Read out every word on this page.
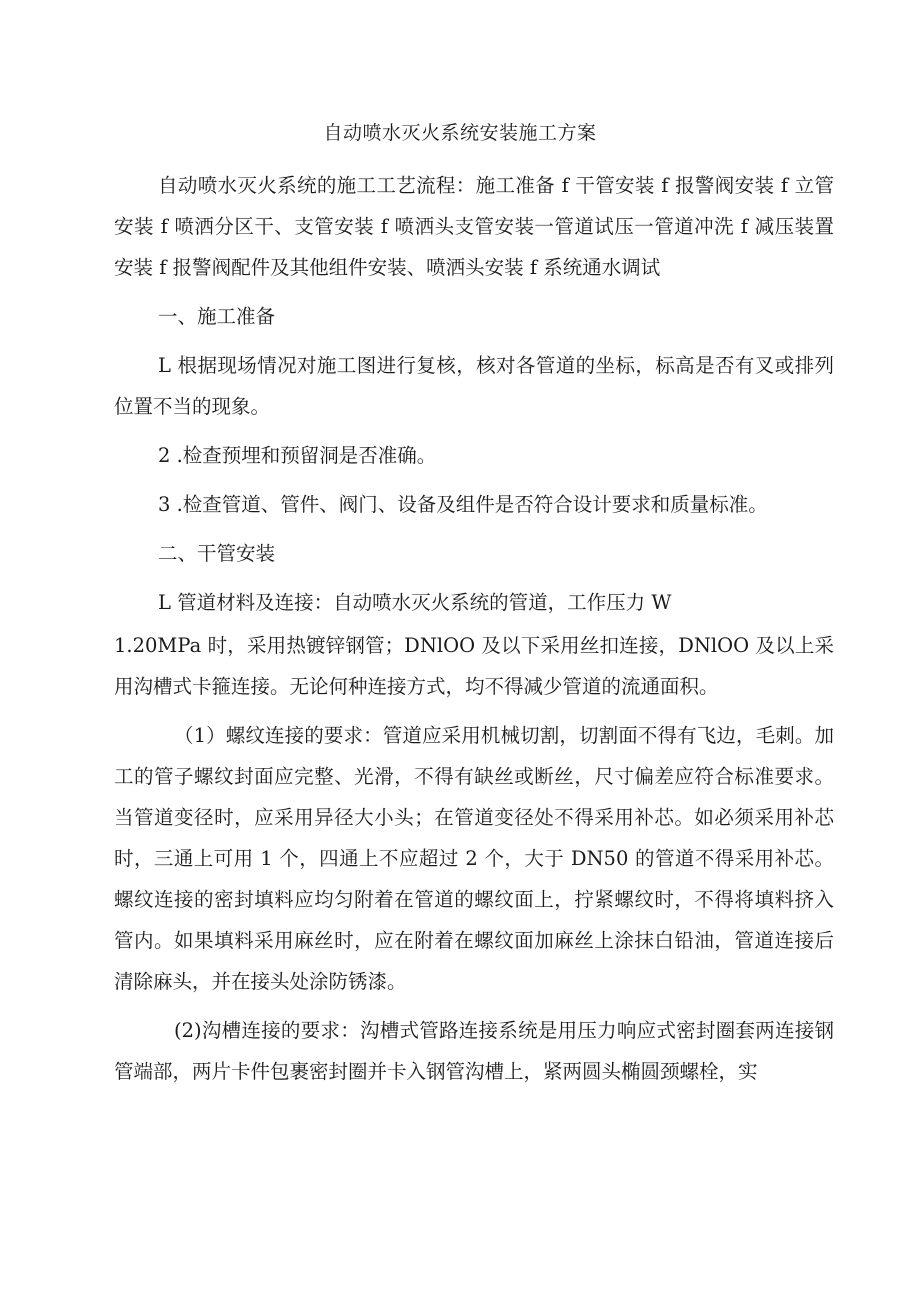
自动喷水灭火系统安装施工方案

自动喷水灭火系统的施工工艺流程：施工准备 f 干管安装 f 报警阀安装 f 立管安装 f 喷洒分区干、支管安装 f 喷洒头支管安装一管道试压一管道冲洗 f 减压装置安装 f 报警阀配件及其他组件安装、喷洒头安装 f 系统通水调试

一、施工准备

L 根据现场情况对施工图进行复核，核对各管道的坐标，标高是否有叉或排列位置不当的现象。

2 .检查预埋和预留洞是否准确。

3 .检查管道、管件、阀门、设备及组件是否符合设计要求和质量标准。

二、干管安装

L 管道材料及连接：自动喷水灭火系统的管道，工作压力 W

1.20MPa 时，采用热镀锌钢管；DNlOO 及以下采用丝扣连接，DNlOO 及以上采用沟槽式卡箍连接。无论何种连接方式，均不得减少管道的流通面积。

（1）螺纹连接的要求：管道应采用机械切割，切割面不得有飞边，毛刺。加工的管子螺纹封面应完整、光滑，不得有缺丝或断丝，尺寸偏差应符合标准要求。当管道变径时，应采用异径大小头；在管道变径处不得采用补芯。如必须采用补芯时，三通上可用 1 个，四通上不应超过 2 个，大于 DN50 的管道不得采用补芯。螺纹连接的密封填料应均匀附着在管道的螺纹面上，拧紧螺纹时，不得将填料挤入管内。如果填料采用麻丝时，应在附着在螺纹面加麻丝上涂抹白铅油，管道连接后清除麻头，并在接头处涂防锈漆。

(2)沟槽连接的要求：沟槽式管路连接系统是用压力响应式密封圈套两连接钢管端部，两片卡件包裹密封圈并卡入钢管沟槽上，紧两圆头椭圆颈螺栓，实
